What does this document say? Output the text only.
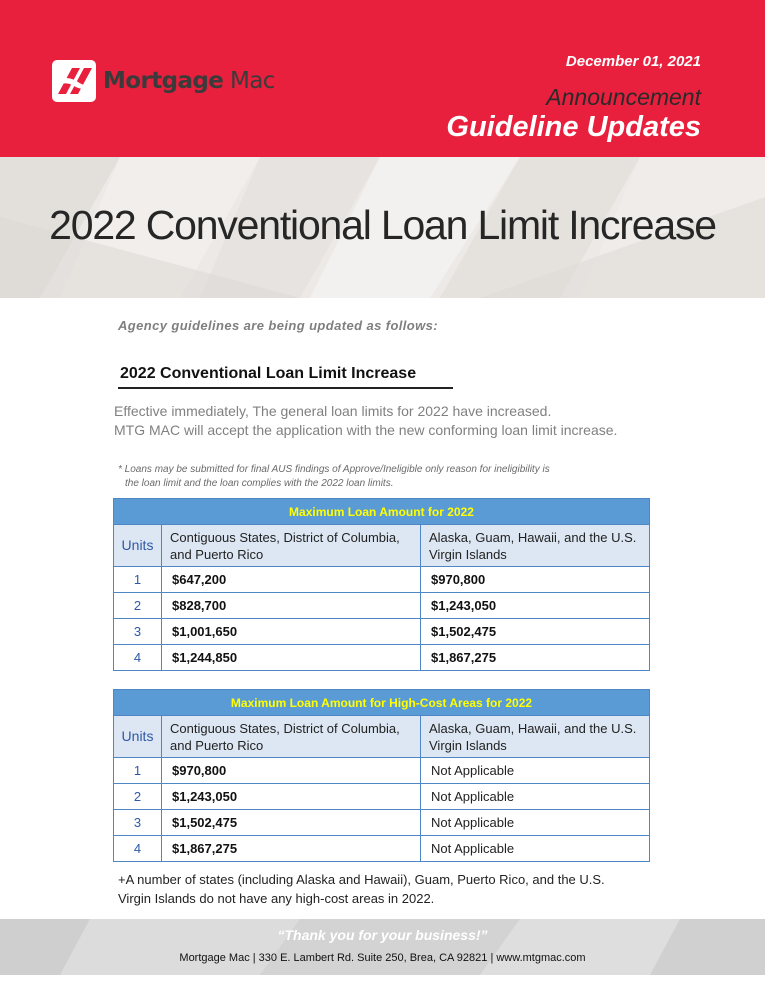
Mortgage Mac
December 01, 2021
Announcement
Guideline Updates
2022 Conventional Loan Limit Increase
Agency guidelines are being updated as follows:
2022 Conventional Loan Limit Increase
Effective immediately, The general loan limits for 2022 have increased.
MTG MAC will accept the application with the new conforming loan limit increase.
* Loans may be submitted for final AUS findings of Approve/Ineligible only reason for ineligibility is
the loan limit and the loan complies with the 2022 loan limits.
Maximum Loan Amount for 2022		
Units	Contiguous States, District of Columbia, and Puerto Rico	Alaska, Guam, Hawaii, and the U.S. Virgin Islands
1	$647,200	$970,800
2	$828,700	$1,243,050
3	$1,001,650	$1,502,475
4	$1,244,850	$1,867,275
Maximum Loan Amount for High-Cost Areas for 2022		
Units	Contiguous States, District of Columbia, and Puerto Rico	Alaska, Guam, Hawaii, and the U.S. Virgin Islands
1	$970,800	Not Applicable
2	$1,243,050	Not Applicable
3	$1,502,475	Not Applicable
4	$1,867,275	Not Applicable
+A number of states (including Alaska and Hawaii), Guam, Puerto Rico, and the U.S.
Virgin Islands do not have any high-cost areas in 2022.
“Thank you for your business!”
Mortgage Mac | 330 E. Lambert Rd. Suite 250, Brea, CA 92821 | www.mtgmac.com
